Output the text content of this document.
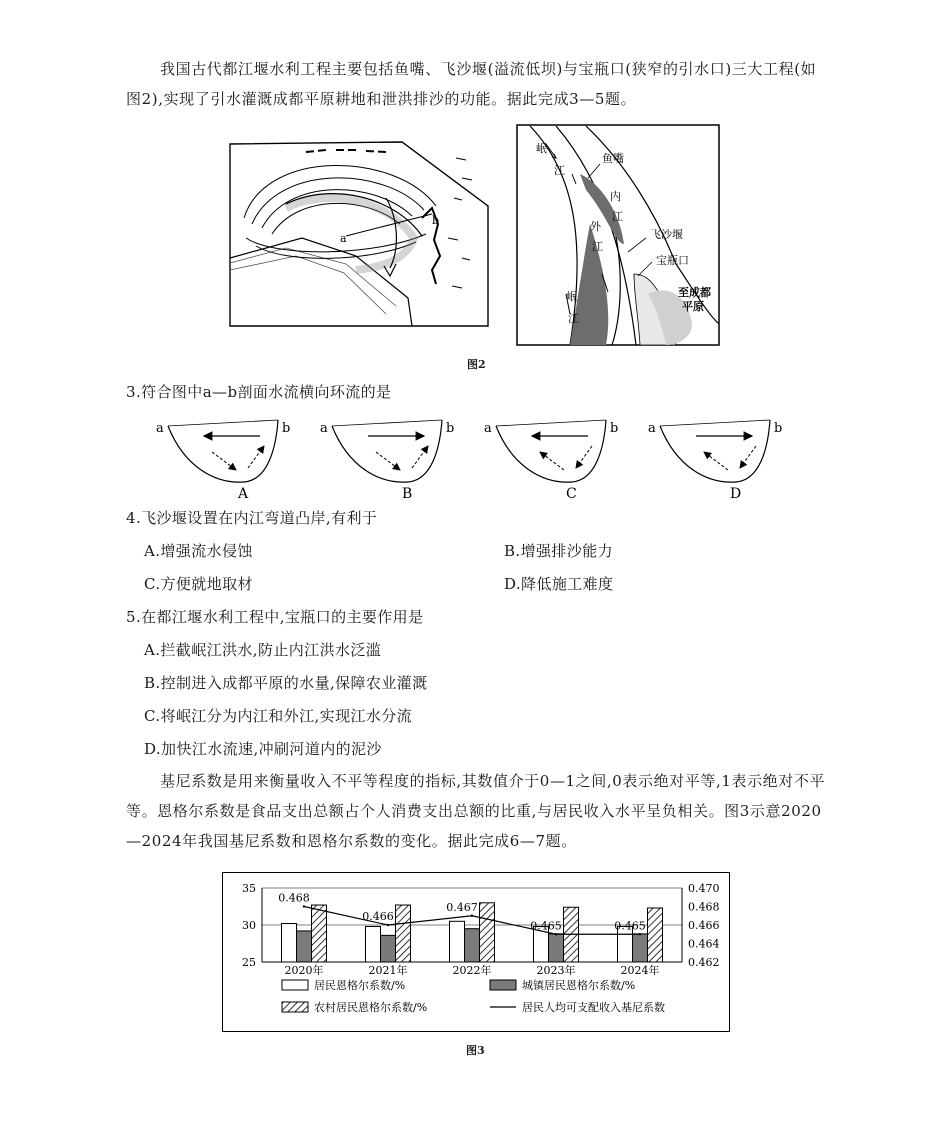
我国古代都江堰水利工程主要包括鱼嘴、飞沙堰(溢流低坝)与宝瓶口(狭窄的引水口)三大工程(如图2),实现了引水灌溉成都平原耕地和泄洪排沙的功能。据此完成3—5题。

a
b
岷
江
鱼嘴
内
江
外
江
飞沙堰
宝瓶口
至成都
平原
岷
江
图2

3.符合图中a—b剖面水流横向环流的是

a	b
A
a	b
B
a	b
C
a	b
D

4.飞沙堰设置在内江弯道凸岸,有利于

A.增强流水侵蚀	B.增强排沙能力

C.方便就地取材	D.降低施工难度

5.在都江堰水利工程中,宝瓶口的主要作用是

A.拦截岷江洪水,防止内江洪水泛滥

B.控制进入成都平原的水量,保障农业灌溉

C.将岷江分为内江和外江,实现江水分流

D.加快江水流速,冲刷河道内的泥沙

基尼系数是用来衡量收入不平等程度的指标,其数值介于0—1之间,0表示绝对平等,1表示绝对不平等。恩格尔系数是食品支出总额占个人消费支出总额的比重,与居民收入水平呈负相关。图3示意2020—2024年我国基尼系数和恩格尔系数的变化。据此完成6—7题。

25
30
35
0.462
0.464
0.466
0.468
0.470
2020年	2021年	2022年	2023年	2024年
0.468
0.466
0.467
0.465	0.465
居民恩格尔系数/%	城镇居民恩格尔系数/%
农村居民恩格尔系数/%	居民人均可支配收入基尼系数
图3
